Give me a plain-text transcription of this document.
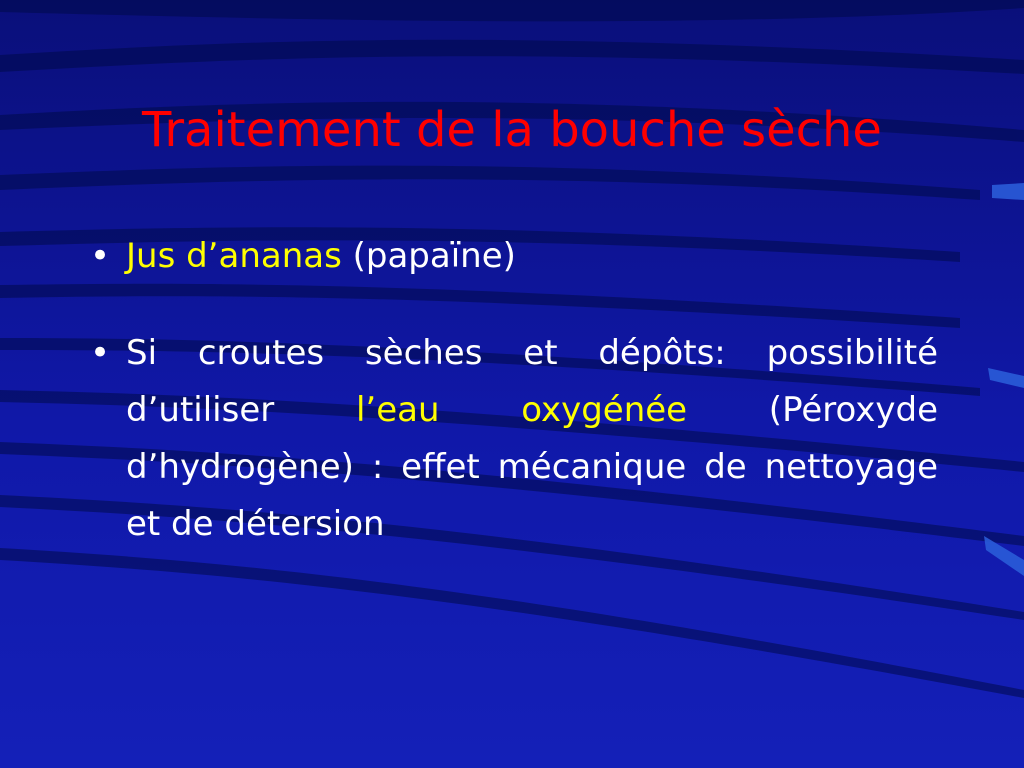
Traitement de la bouche sèche
• Jus d’ananas (papaïne)
• Si croutes sèches et dépôts: possibilité d’utiliser l’eau oxygénée (Péroxyde d’hydrogène) : effet mécanique de nettoyage et de détersion
